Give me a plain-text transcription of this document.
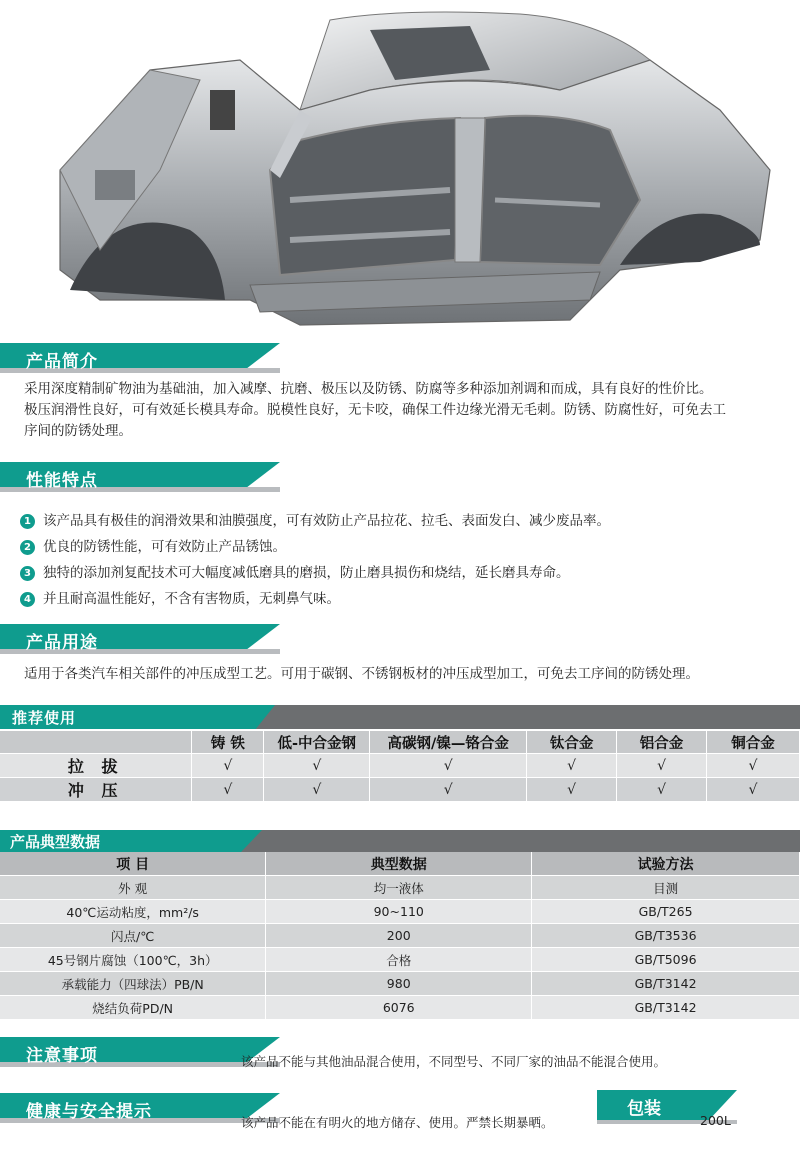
产品简介
采用深度精制矿物油为基础油，加入减摩、抗磨、极压以及防锈、防腐等多种添加剂调和而成，具有良好的性价比。
极压润滑性良好，可有效延长模具寿命。脱模性良好，无卡咬，确保工件边缘光滑无毛刺。防锈、防腐性好，可免去工
序间的防锈处理。
性能特点
1 该产品具有极佳的润滑效果和油膜强度，可有效防止产品拉花、拉毛、表面发白、减少废品率。
2 优良的防锈性能，可有效防止产品锈蚀。
3 独特的添加剂复配技术可大幅度减低磨具的磨损，防止磨具损伤和烧结，延长磨具寿命。
4 并且耐高温性能好，不含有害物质，无刺鼻气味。
产品用途
适用于各类汽车相关部件的冲压成型工艺。可用于碳钢、不锈钢板材的冲压成型加工，可免去工序间的防锈处理。
推荐使用
	铸 铁	低-中合金钢	高碳钢/镍—铬合金	钛合金	铝合金	铜合金
拉 拔	√	√	√	√	√	√
冲 压	√	√	√	√	√	√
产品典型数据
项 目	典型数据	试验方法
外 观	均一液体	目测
40℃运动粘度，mm²/s	90~110	GB/T265
闪点/℃	200	GB/T3536
45号钢片腐蚀（100℃，3h）	合格	GB/T5096
承载能力（四球法）PB/N	980	GB/T3142
烧结负荷PD/N	6076	GB/T3142
注意事项	该产品不能与其他油品混合使用，不同型号、不同厂家的油品不能混合使用。
健康与安全提示
该产品不能在有明火的地方储存、使用。严禁长期暴晒。
包装
200L
